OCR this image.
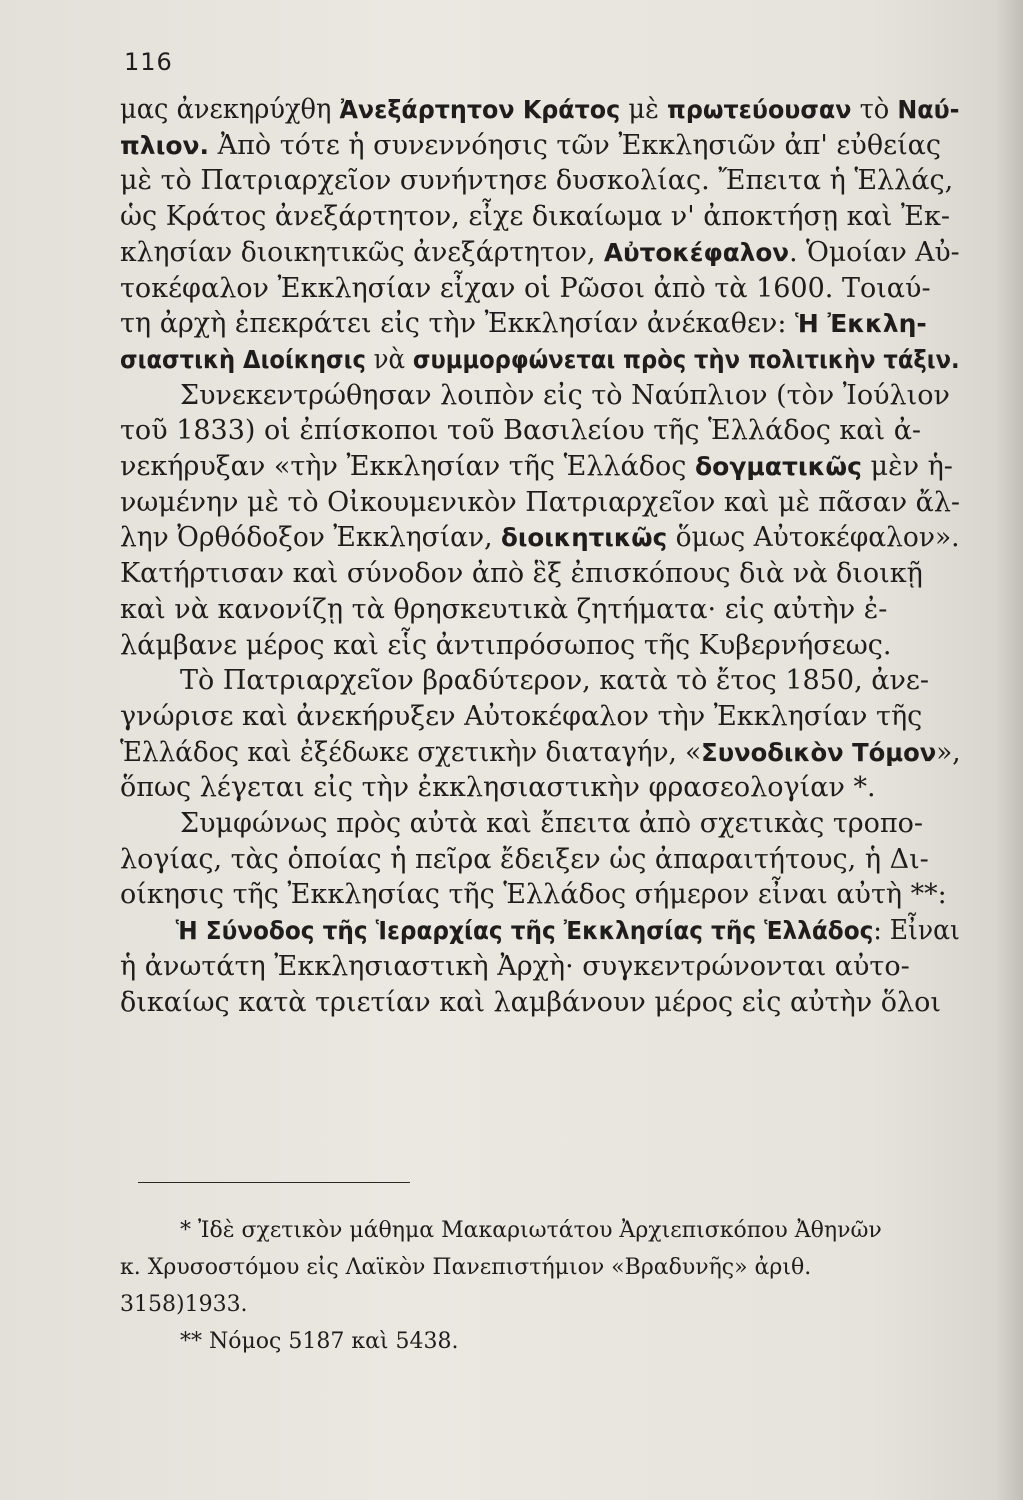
116
μας ἀνεκηρύχθη Ἀνεξάρτητον Κράτος μὲ πρωτεύουσαν τὸ Ναύ-
πλιον. Ἀπὸ τότε ἡ συνεννόησις τῶν Ἐκκλησιῶν ἀπ' εὐθείας
μὲ τὸ Πατριαρχεῖον συνήντησε δυσκολίας. Ἔπειτα ἡ Ἑλλάς,
ὡς Κράτος ἀνεξάρτητον, εἶχε δικαίωμα ν' ἀποκτήσῃ καὶ Ἐκ-
κλησίαν διοικητικῶς ἀνεξάρτητον, Αὐτοκέφαλον. Ὁμοίαν Αὐ-
τοκέφαλον Ἐκκλησίαν εἶχαν οἱ Ρῶσοι ἀπὸ τὰ 1600. Τοιαύ-
τη ἀρχὴ ἐπεκράτει εἰς τὴν Ἐκκλησίαν ἀνέκαθεν: Ἡ Ἐκκλη-
σιαστικὴ Διοίκησις νὰ συμμορφώνεται πρὸς τὴν πολιτικὴν τάξιν.
Συνεκεντρώθησαν λοιπὸν εἰς τὸ Ναύπλιον (τὸν Ἰούλιον
τοῦ 1833) οἱ ἐπίσκοποι τοῦ Βασιλείου τῆς Ἑλλάδος καὶ ἀ-
νεκήρυξαν «τὴν Ἐκκλησίαν τῆς Ἑλλάδος δογματικῶς μὲν ἡ-
νωμένην μὲ τὸ Οἰκουμενικὸν Πατριαρχεῖον καὶ μὲ πᾶσαν ἄλ-
λην Ὀρθόδοξον Ἐκκλησίαν, διοικητικῶς ὅμως Αὐτοκέφαλον».
Κατήρτισαν καὶ σύνοδον ἀπὸ ἓξ ἐπισκόπους διὰ νὰ διοικῇ
καὶ νὰ κανονίζῃ τὰ θρησκευτικὰ ζητήματα· εἰς αὐτὴν ἐ-
λάμβανε μέρος καὶ εἷς ἀντιπρόσωπος τῆς Κυβερνήσεως.
Τὸ Πατριαρχεῖον βραδύτερον, κατὰ τὸ ἔτος 1850, ἀνε-
γνώρισε καὶ ἀνεκήρυξεν Αὐτοκέφαλον τὴν Ἐκκλησίαν τῆς
Ἑλλάδος καὶ ἐξέδωκε σχετικὴν διαταγήν, «Συνοδικὸν Τόμον»,
ὅπως λέγεται εἰς τὴν ἐκκλησιαστικὴν φρασεολογίαν *.
Συμφώνως πρὸς αὐτὰ καὶ ἔπειτα ἀπὸ σχετικὰς τροπο-
λογίας, τὰς ὁποίας ἡ πεῖρα ἔδειξεν ὡς ἀπαραιτήτους, ἡ Δι-
οίκησις τῆς Ἐκκλησίας τῆς Ἑλλάδος σήμερον εἶναι αὐτὴ **:
Ἡ Σύνοδος τῆς Ἱεραρχίας τῆς Ἐκκλησίας τῆς Ἑλλάδος: Εἶναι
ἡ ἀνωτάτη Ἐκκλησιαστικὴ Ἀρχὴ· συγκεντρώνονται αὐτο-
δικαίως κατὰ τριετίαν καὶ λαμβάνουν μέρος εἰς αὐτὴν ὅλοι
* Ἰδὲ σχετικὸν μάθημα Μακαριωτάτου Ἀρχιεπισκόπου Ἀθηνῶν
κ. Χρυσοστόμου εἰς Λαϊκὸν Πανεπιστήμιον «Βραδυνῆς» ἀριθ.
3158)1933.
** Νόμος 5187 καὶ 5438.
